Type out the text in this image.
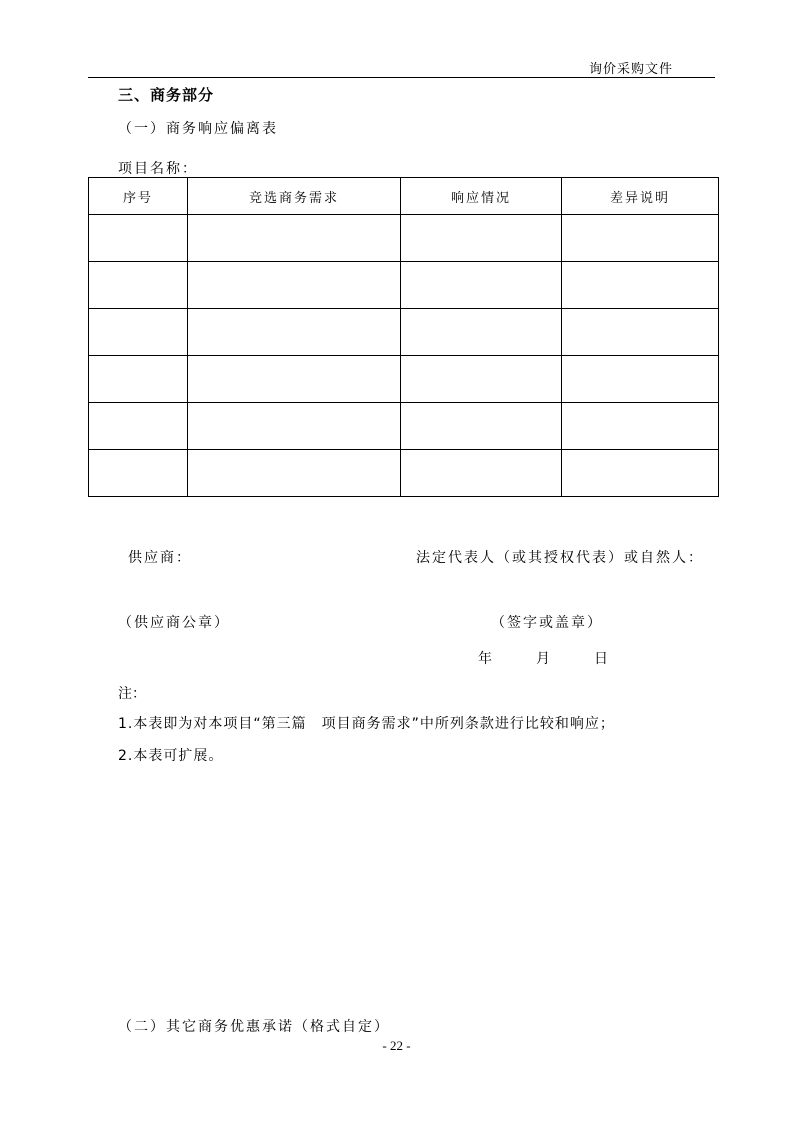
询价采购文件
三、商务部分
（一）商务响应偏离表
项目名称：
序号	竞选商务需求	响应情况	差异说明

供应商：	法定代表人（或其授权代表）或自然人：
（供应商公章）	（签字或盖章）
年	月	日
注：
1.本表即为对本项目“第三篇　项目商务需求”中所列条款进行比较和响应；
2.本表可扩展。
（二）其它商务优惠承诺（格式自定）
- 22 -
